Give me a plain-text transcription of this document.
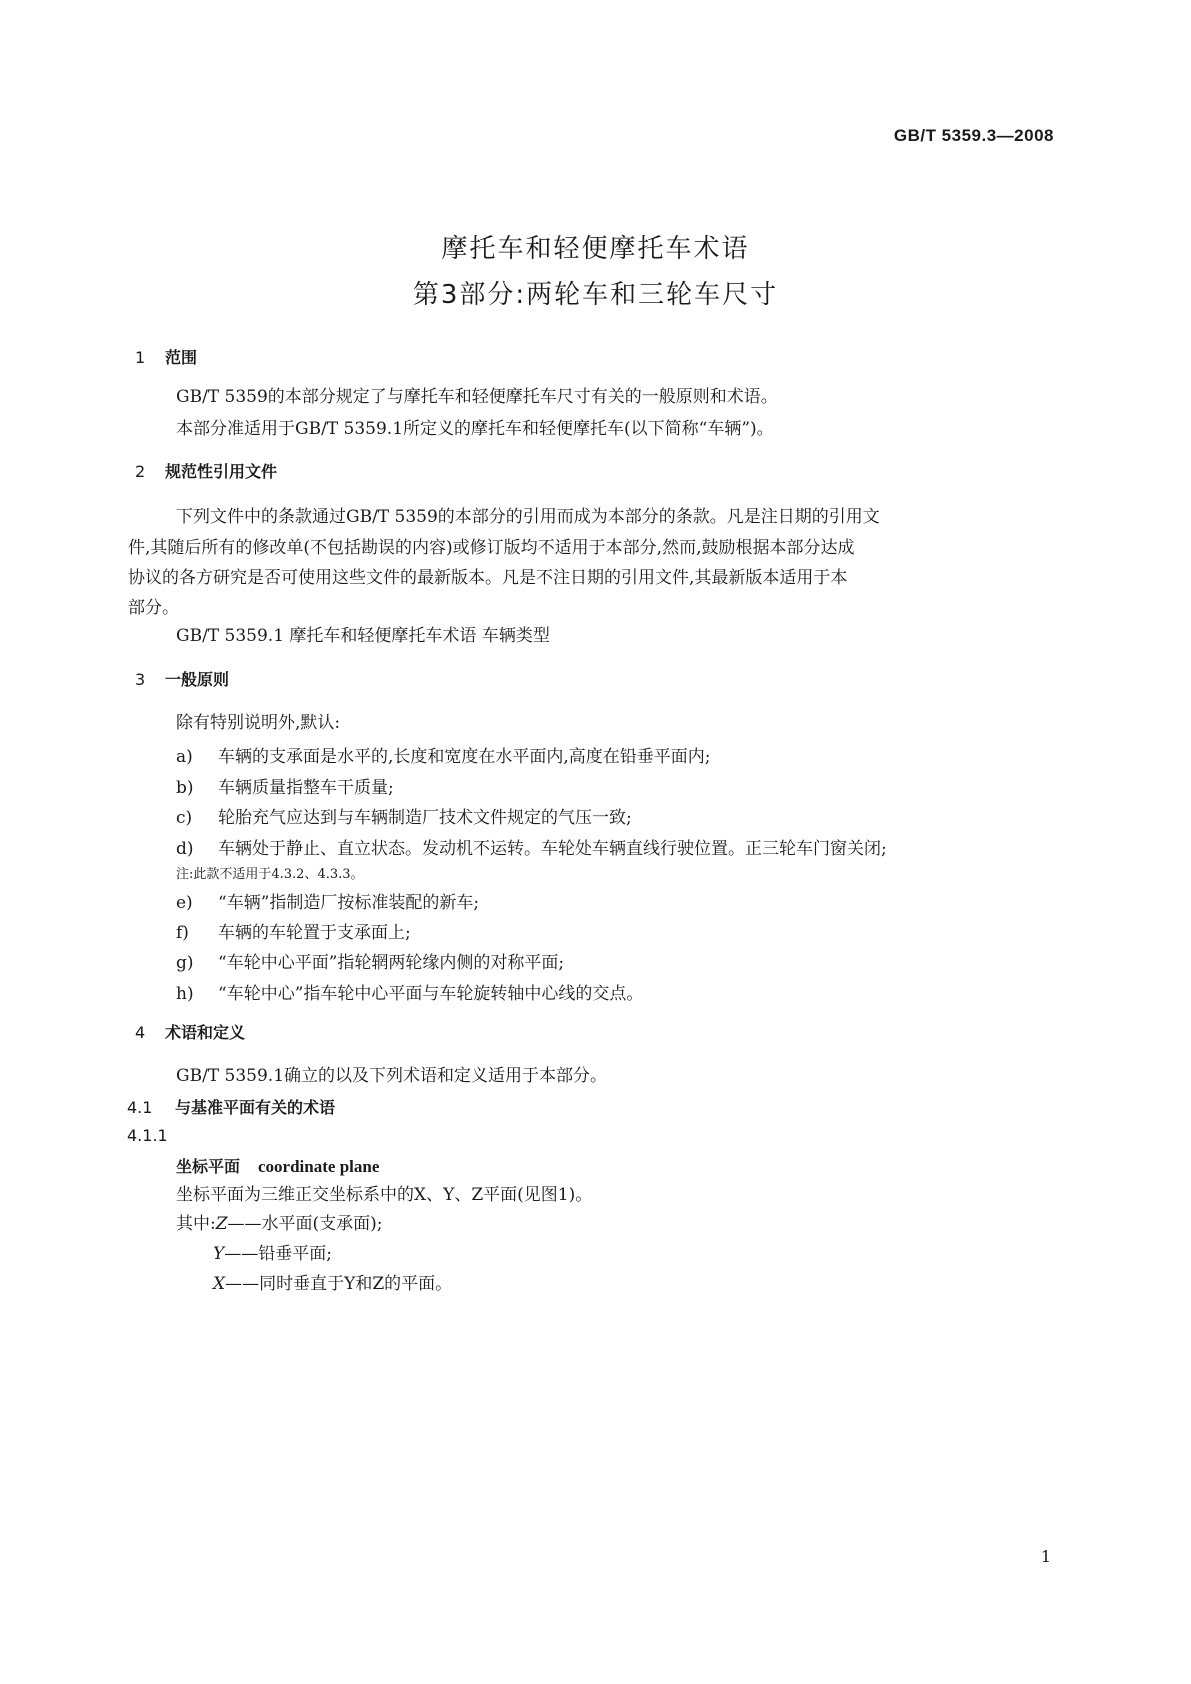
GB/T 5359.3—2008
摩托车和轻便摩托车术语
第3部分:两轮车和三轮车尺寸
1 范围
GB/T 5359的本部分规定了与摩托车和轻便摩托车尺寸有关的一般原则和术语。
本部分准适用于GB/T 5359.1所定义的摩托车和轻便摩托车(以下简称“车辆”)。
2 规范性引用文件
下列文件中的条款通过GB/T 5359的本部分的引用而成为本部分的条款。凡是注日期的引用文
件,其随后所有的修改单(不包括勘误的内容)或修订版均不适用于本部分,然而,鼓励根据本部分达成
协议的各方研究是否可使用这些文件的最新版本。凡是不注日期的引用文件,其最新版本适用于本
部分。
GB/T 5359.1 摩托车和轻便摩托车术语 车辆类型
3 一般原则
除有特别说明外,默认:
a) 车辆的支承面是水平的,长度和宽度在水平面内,高度在铅垂平面内;
b) 车辆质量指整车干质量;
c) 轮胎充气应达到与车辆制造厂技术文件规定的气压一致;
d) 车辆处于静止、直立状态。发动机不运转。车轮处车辆直线行驶位置。正三轮车门窗关闭;
注:此款不适用于4.3.2、4.3.3。
e) “车辆”指制造厂按标准装配的新车;
f) 车辆的车轮置于支承面上;
g) “车轮中心平面”指轮辋两轮缘内侧的对称平面;
h) “车轮中心”指车轮中心平面与车轮旋转轴中心线的交点。
4 术语和定义
GB/T 5359.1确立的以及下列术语和定义适用于本部分。
4.1 与基准平面有关的术语
4.1.1
坐标平面 coordinate plane
坐标平面为三维正交坐标系中的X、Y、Z平面(见图1)。
其中:Z——水平面(支承面);
Y——铅垂平面;
X——同时垂直于Y和Z的平面。
1
